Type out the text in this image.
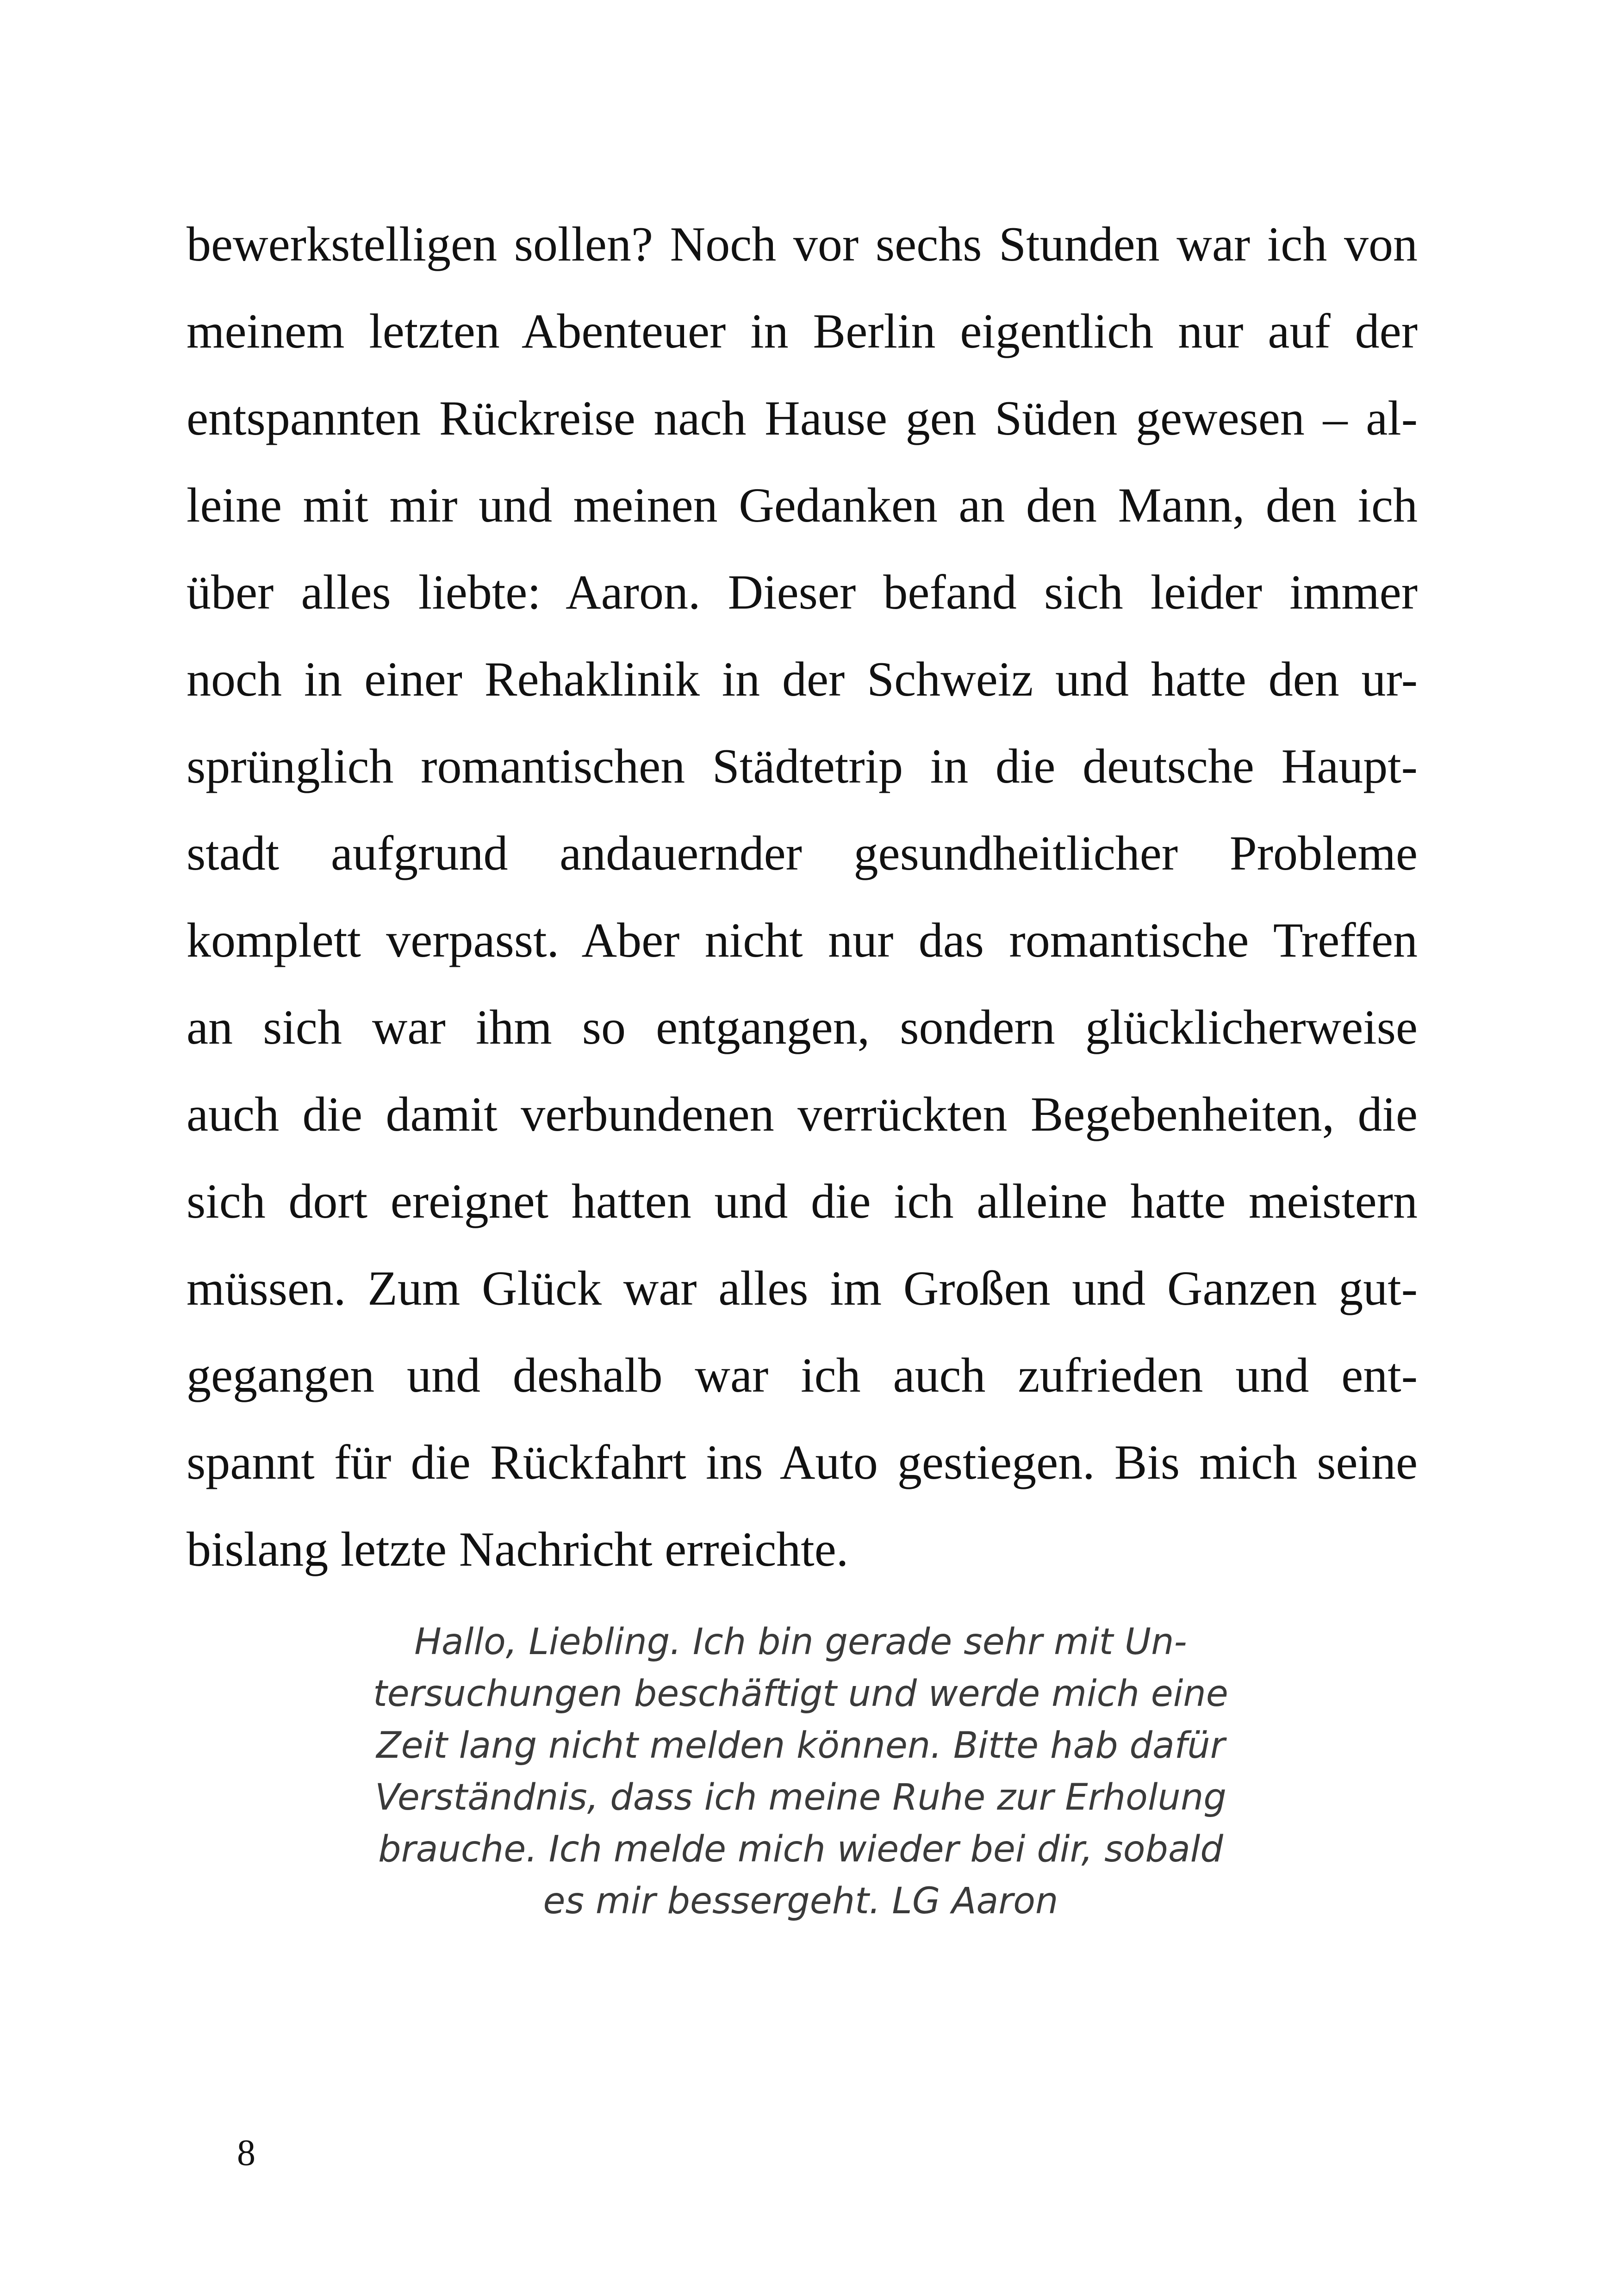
bewerkstelligen sollen? Noch vor sechs Stunden war ich von
meinem letzten Abenteuer in Berlin eigentlich nur auf der
entspannten Rückreise nach Hause gen Süden gewesen – al-
leine mit mir und meinen Gedanken an den Mann, den ich
über alles liebte: Aaron. Dieser befand sich leider immer
noch in einer Rehaklinik in der Schweiz und hatte den ur-
sprünglich romantischen Städtetrip in die deutsche Haupt-
stadt aufgrund andauernder gesundheitlicher Probleme
komplett verpasst. Aber nicht nur das romantische Treffen
an sich war ihm so entgangen, sondern glücklicherweise
auch die damit verbundenen verrückten Begebenheiten, die
sich dort ereignet hatten und die ich alleine hatte meistern
müssen. Zum Glück war alles im Großen und Ganzen gut-
gegangen und deshalb war ich auch zufrieden und ent-
spannt für die Rückfahrt ins Auto gestiegen. Bis mich seine
bislang letzte Nachricht erreichte.
Hallo, Liebling. Ich bin gerade sehr mit Un-
tersuchungen beschäftigt und werde mich eine
Zeit lang nicht melden können. Bitte hab dafür
Verständnis, dass ich meine Ruhe zur Erholung
brauche. Ich melde mich wieder bei dir, sobald
es mir bessergeht. LG Aaron
8
